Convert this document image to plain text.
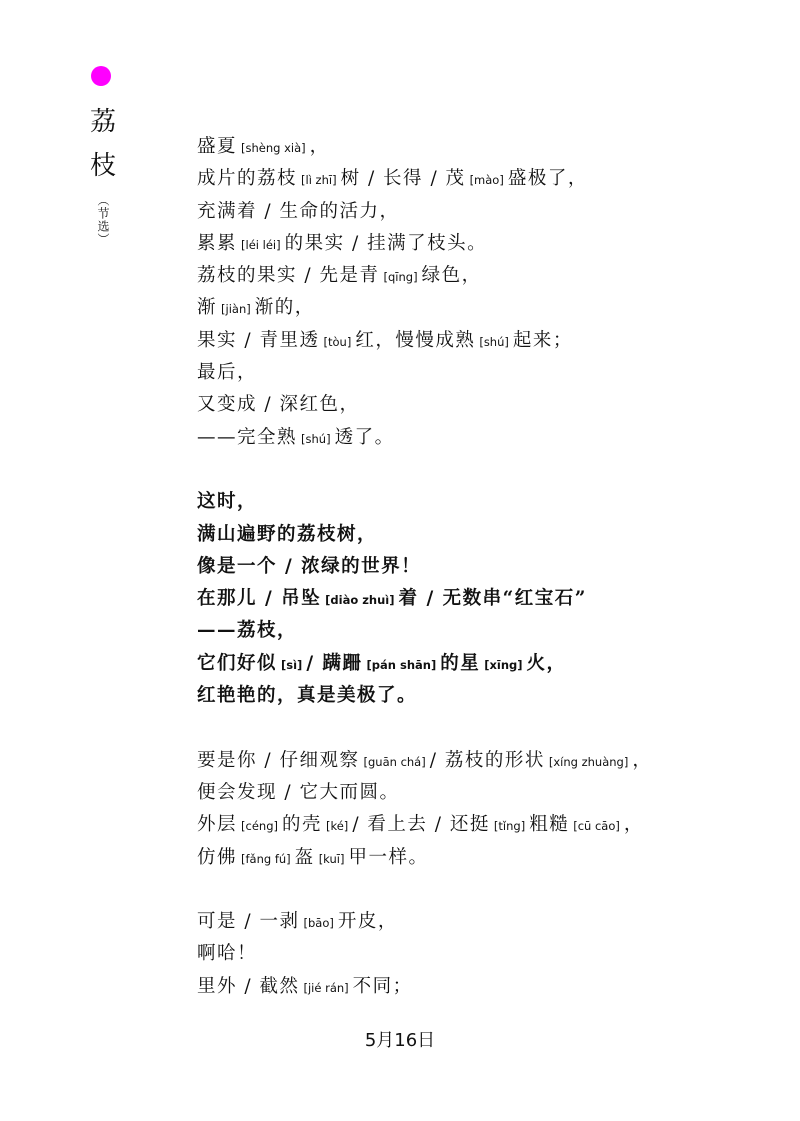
荔
枝
（节选）
盛夏 [shèng xià] ，
成片的荔枝 [lì zhī] 树 / 长得 / 茂 [mào] 盛极了，
充满着 / 生命的活力，
累累 [léi léi] 的果实 / 挂满了枝头。
荔枝的果实 / 先是青 [qīng] 绿色，
渐 [jiàn] 渐的，
果实 / 青里透 [tòu] 红，慢慢成熟 [shú] 起来；
最后，
又变成 / 深红色，
——完全熟 [shú] 透了。
这时，
满山遍野的荔枝树，
像是一个 / 浓绿的世界！
在那儿 / 吊坠 [diào zhuì] 着 / 无数串“红宝石”
——荔枝，
它们好似 [sì] / 蹒跚 [pán shān] 的星 [xīng] 火，
红艳艳的，真是美极了。
要是你 / 仔细观察 [guān chá] / 荔枝的形状 [xíng zhuàng] ，
便会发现 / 它大而圆。
外层 [céng] 的壳 [ké] / 看上去 / 还挺 [tǐng] 粗糙 [cū cāo] ，
仿佛 [fǎng fú] 盔 [kuī] 甲一样。
可是 / 一剥 [bāo] 开皮，
啊哈！
里外 / 截然 [jié rán] 不同；
5月16日
